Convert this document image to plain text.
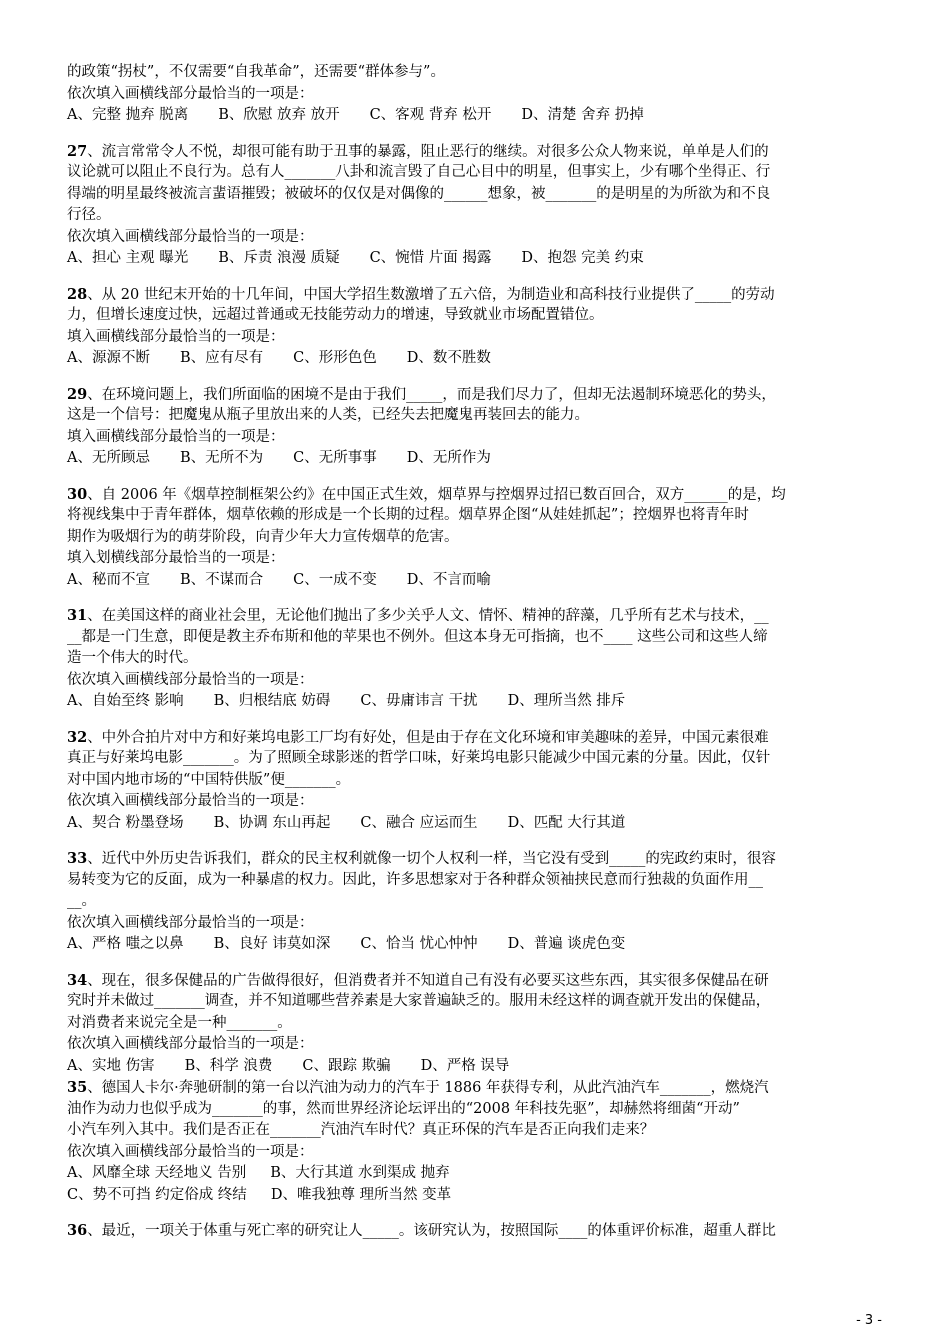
的政策“拐杖”，不仅需要“自我革命”，还需要“群体参与”。
依次填入画横线部分最恰当的一项是：
A、完整 抛弃 脱离 B、欣慰 放弃 放开 C、客观 背弃 松开 D、清楚 舍弃 扔掉
27、流言常常令人不悦，却很可能有助于丑事的暴露，阻止恶行的继续。对很多公众人物来说，单单是人们的
议论就可以阻止不良行为。总有人_______八卦和流言毁了自己心目中的明星，但事实上，少有哪个坐得正、行
得端的明星最终被流言蜚语摧毁；被破坏的仅仅是对偶像的______想象，被_______的是明星的为所欲为和不良
行径。
依次填入画横线部分最恰当的一项是：
A、担心 主观 曝光 B、斥责 浪漫 质疑 C、惋惜 片面 揭露 D、抱怨 完美 约束
28、从 20 世纪末开始的十几年间，中国大学招生数激增了五六倍，为制造业和高科技行业提供了_____的劳动
力，但增长速度过快，远超过普通或无技能劳动力的增速，导致就业市场配置错位。
填入画横线部分最恰当的一项是：
A、源源不断 B、应有尽有 C、形形色色 D、数不胜数
29、在环境问题上，我们所面临的困境不是由于我们_____，而是我们尽力了，但却无法遏制环境恶化的势头，
这是一个信号：把魔鬼从瓶子里放出来的人类，已经失去把魔鬼再装回去的能力。
填入画横线部分最恰当的一项是：
A、无所顾忌 B、无所不为 C、无所事事 D、无所作为
30、自 2006 年《烟草控制框架公约》在中国正式生效，烟草界与控烟界过招已数百回合，双方______的是，均
将视线集中于青年群体，烟草依赖的形成是一个长期的过程。烟草界企图“从娃娃抓起”；控烟界也将青年时
期作为吸烟行为的萌芽阶段，向青少年大力宣传烟草的危害。
填入划横线部分最恰当的一项是：
A、秘而不宣 B、不谋而合 C、一成不变 D、不言而喻
31、在美国这样的商业社会里，无论他们抛出了多少关乎人文、情怀、精神的辞藻，几乎所有艺术与技术，__
__都是一门生意，即便是教主乔布斯和他的苹果也不例外。但这本身无可指摘，也不____ 这些公司和这些人缔
造一个伟大的时代。
依次填入画横线部分最恰当的一项是：
A、自始至终 影响 B、归根结底 妨碍 C、毋庸讳言 干扰 D、理所当然 排斥
32、中外合拍片对中方和好莱坞电影工厂均有好处，但是由于存在文化环境和审美趣味的差异，中国元素很难
真正与好莱坞电影_______。为了照顾全球影迷的哲学口味，好莱坞电影只能减少中国元素的分量。因此，仅针
对中国内地市场的“中国特供版”便_______。
依次填入画横线部分最恰当的一项是：
A、契合 粉墨登场 B、协调 东山再起 C、融合 应运而生 D、匹配 大行其道
33、近代中外历史告诉我们，群众的民主权利就像一切个人权利一样，当它没有受到_____的宪政约束时，很容
易转变为它的反面，成为一种暴虐的权力。因此，许多思想家对于各种群众领袖挟民意而行独裁的负面作用__
__。
依次填入画横线部分最恰当的一项是：
A、严格 嗤之以鼻 B、良好 讳莫如深 C、恰当 忧心忡忡 D、普遍 谈虎色变
34、现在，很多保健品的广告做得很好，但消费者并不知道自己有没有必要买这些东西，其实很多保健品在研
究时并未做过_______调查，并不知道哪些营养素是大家普遍缺乏的。服用未经这样的调查就开发出的保健品，
对消费者来说完全是一种_______。
依次填入画横线部分最恰当的一项是：
A、实地 伤害 B、科学 浪费 C、跟踪 欺骗 D、严格 误导
35、德国人卡尔·奔驰研制的第一台以汽油为动力的汽车于 1886 年获得专利，从此汽油汽车_______，燃烧汽
油作为动力也似乎成为_______的事，然而世界经济论坛评出的“2008 年科技先驱”，却赫然将细菌“开动”
小汽车列入其中。我们是否正在_______汽油汽车时代？真正环保的汽车是否正向我们走来？
依次填入画横线部分最恰当的一项是：
A、风靡全球 天经地义 告别 B、大行其道 水到渠成 抛弃
C、势不可挡 约定俗成 终结 D、唯我独尊 理所当然 变革
36、最近，一项关于体重与死亡率的研究让人_____。该研究认为，按照国际____的体重评价标准，超重人群比
- 3 -
